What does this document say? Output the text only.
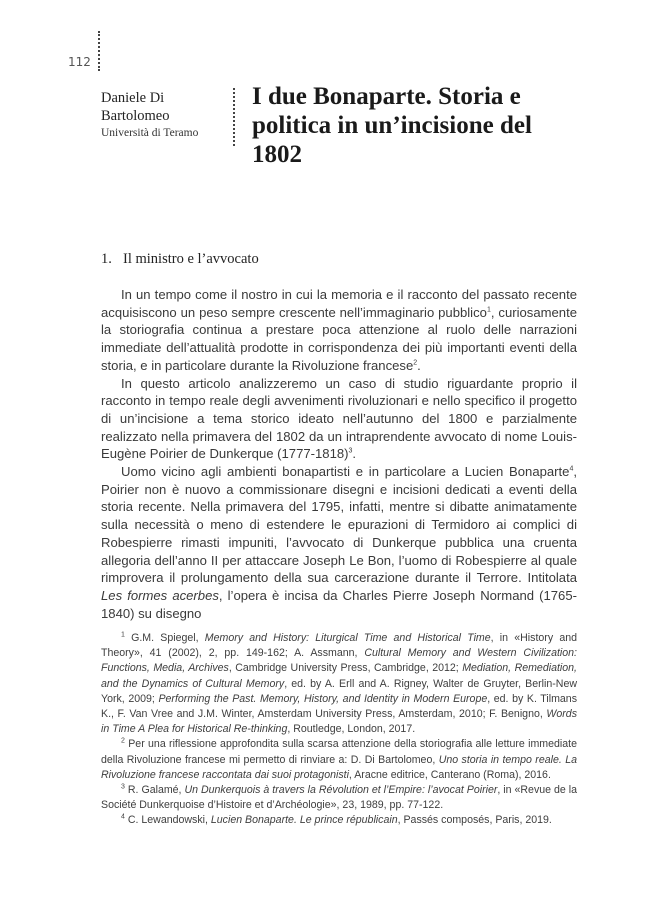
112
Daniele Di Bartolomeo
Università di Teramo
I due Bonaparte. Storia e politica in un’incisione del 1802
1. Il ministro e l’avvocato

In un tempo come il nostro in cui la memoria e il racconto del passato recente acquisiscono un peso sempre crescente nell’immaginario pubblico$^1$, curiosamente la storiografia continua a prestare poca attenzione al ruolo delle narrazioni immediate dell’attualità prodotte in corrispondenza dei più importanti eventi della storia, e in particolare durante la Rivoluzione francese$^2$.

In questo articolo analizzeremo un caso di studio riguardante proprio il racconto in tempo reale degli avvenimenti rivoluzionari e nello specifico il progetto di un’incisione a tema storico ideato nell’autunno del 1800 e parzialmente realizzato nella primavera del 1802 da un intraprendente avvocato di nome Louis-Eugène Poirier de Dunkerque (1777-1818)$^3$.

Uomo vicino agli ambienti bonapartisti e in particolare a Lucien Bonaparte$^4$, Poirier non è nuovo a commissionare disegni e incisioni dedicati a eventi della storia recente. Nella primavera del 1795, infatti, mentre si dibatte animatamente sulla necessità o meno di estendere le epurazioni di Termidoro ai complici di Robespierre rimasti impuniti, l’avvocato di Dunkerque pubblica una cruenta allegoria dell’anno II per attaccare Joseph Le Bon, l’uomo di Robespierre al quale rimprovera il prolungamento della sua carcerazione durante il Terrore. Intitolata Les formes acerbes, l’opera è incisa da Charles Pierre Joseph Normand (1765-1840) su disegno

$^1$ G.M. Spiegel, Memory and History: Liturgical Time and Historical Time, in «History and Theory», 41 (2002), 2, pp. 149-162; A. Assmann, Cultural Memory and Western Civilization: Functions, Media, Archives, Cambridge University Press, Cambridge, 2012; Mediation, Remediation, and the Dynamics of Cultural Memory, ed. by A. Erll and A. Rigney, Walter de Gruyter, Berlin-New York, 2009; Performing the Past. Memory, History, and Identity in Modern Europe, ed. by K. Tilmans K., F. Van Vree and J.M. Winter, Amsterdam University Press, Amsterdam, 2010; F. Benigno, Words in Time A Plea for Historical Re-thinking, Routledge, London, 2017.

$^2$ Per una riflessione approfondita sulla scarsa attenzione della storiografia alle letture immediate della Rivoluzione francese mi permetto di rinviare a: D. Di Bartolomeo, Uno storia in tempo reale. La Rivoluzione francese raccontata dai suoi protagonisti, Aracne editrice, Canterano (Roma), 2016.

$^3$ R. Galamé, Un Dunkerquois à travers la Révolution et l’Empire: l’avocat Poirier, in «Revue de la Société Dunkerquoise d’Histoire et d’Archéologie», 23, 1989, pp. 77-122.

$^4$ C. Lewandowski, Lucien Bonaparte. Le prince républicain, Passés composés, Paris, 2019.
